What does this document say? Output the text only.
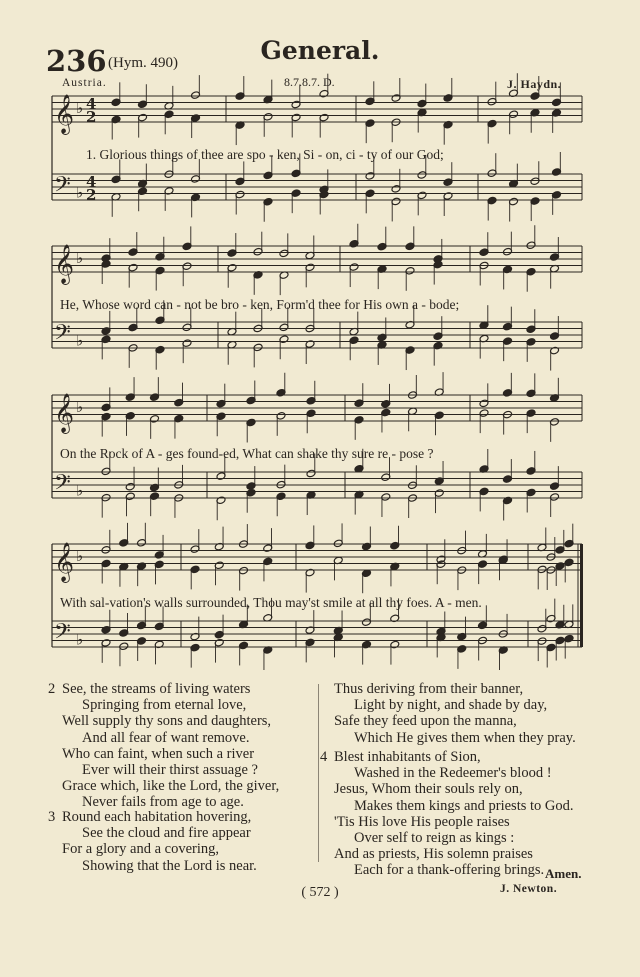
236 (Hym. 490)	General.
Austria.	8.7.8.7. D.	J. Haydn.
𝄞 ♭ 4
2
𝄢 ♭
4
2
𝄞 ♭
𝄢 ♭
𝄞 ♭
𝄢 ♭
𝄞 ♭
𝄢 ♭
1. Glorious things of thee are spo - ken, Si - on, ci - ty of our God;
He, Whose word can - not be bro - ken, Form'd thee for His own a - bode;
On the Rock of A - ges found-ed, What can shake thy sure re - pose ?
With sal-vation's walls surrounded, Thou may'st smile at all thy foes. A - men.
2 See, the streams of living waters
Springing from eternal love,
Well supply thy sons and daughters,
And all fear of want remove.
Who can faint, when such a river
Ever will their thirst assuage ?
Grace which, like the Lord, the giver,
Never fails from age to age.
3 Round each habitation hovering,
See the cloud and fire appear
For a glory and a covering,
Showing that the Lord is near.
Thus deriving from their banner,
Light by night, and shade by day,
Safe they feed upon the manna,
Which He gives them when they pray.
4 Blest inhabitants of Sion,
Washed in the Redeemer's blood !
Jesus, Whom their souls rely on,
Makes them kings and priests to God.
'Tis His love His people raises
Over self to reign as kings :
And as priests, His solemn praises
Each for a thank-offering brings. Amen.
J. Newton.
( 572 )
